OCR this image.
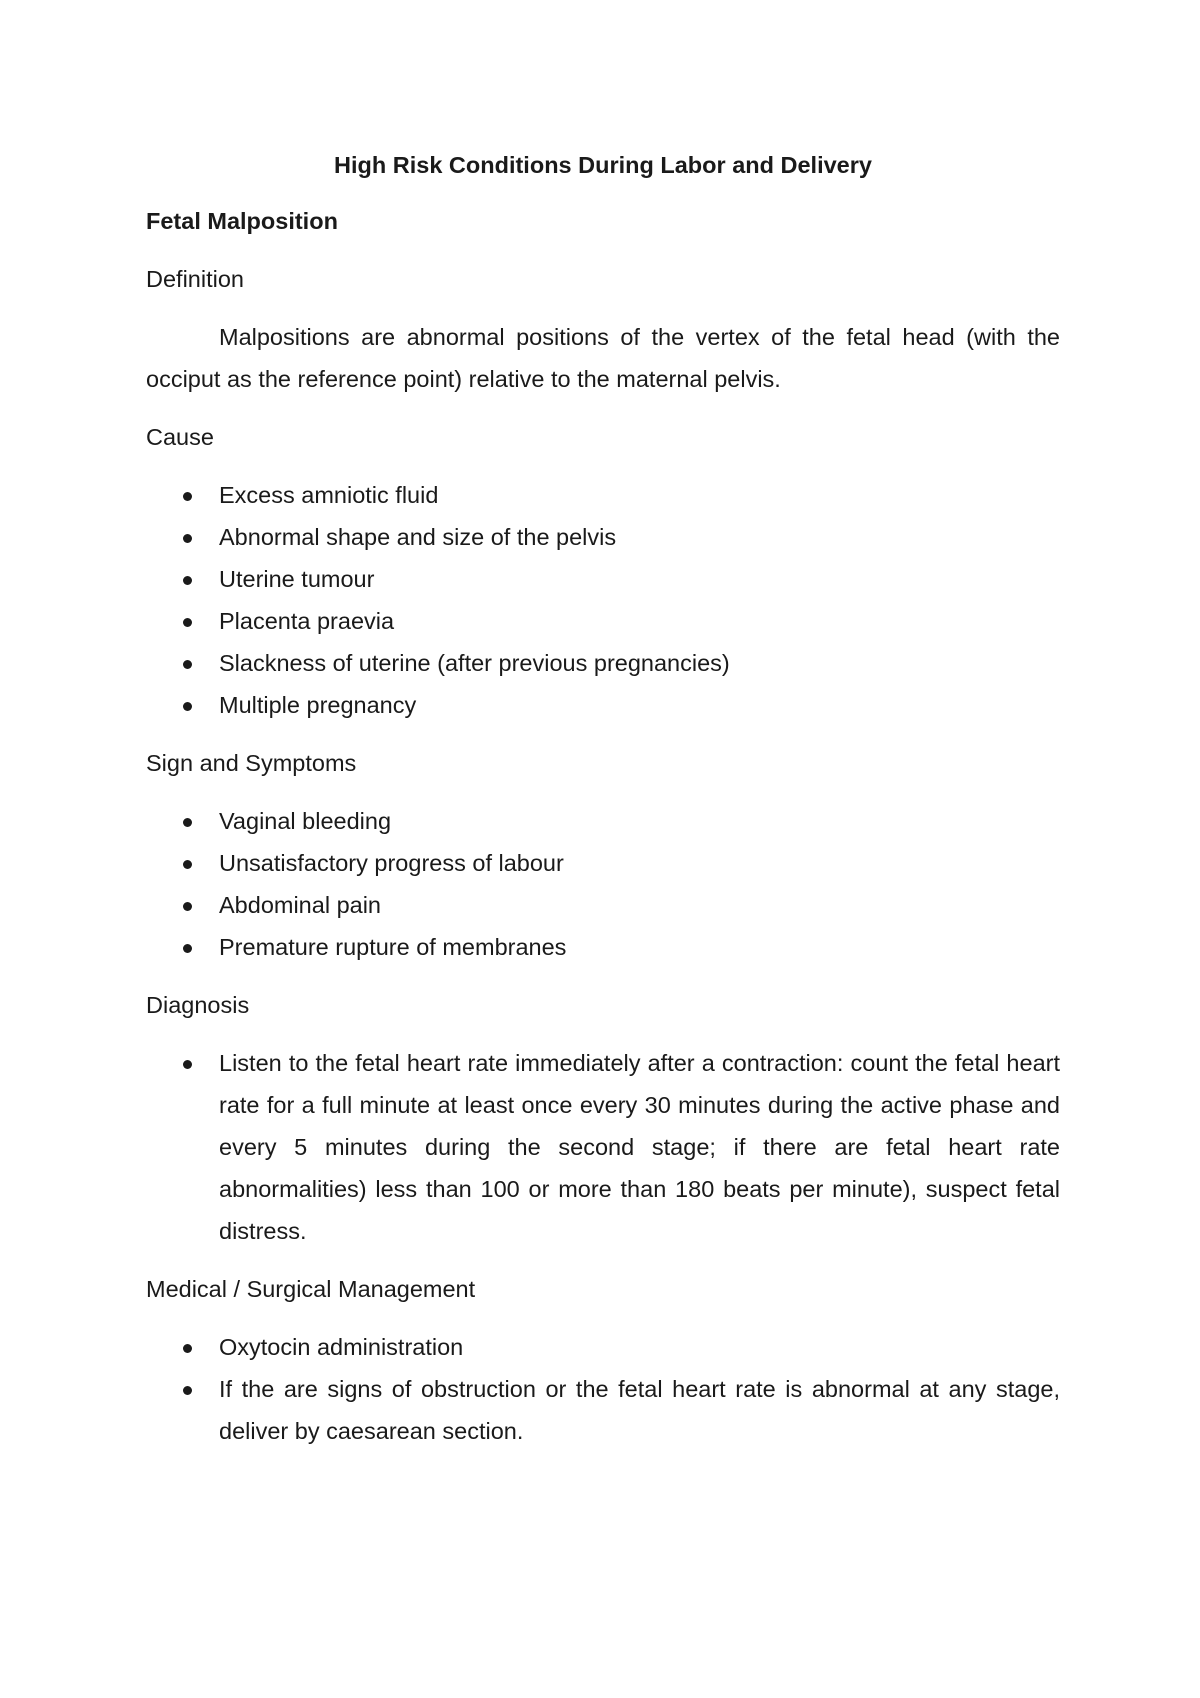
High Risk Conditions During Labor and Delivery
Fetal Malposition
Definition
Malpositions are abnormal positions of the vertex of the fetal head (with the occiput as the reference point) relative to the maternal pelvis.
Cause
Excess amniotic fluid
Abnormal shape and size of the pelvis
Uterine tumour
Placenta praevia
Slackness of uterine (after previous pregnancies)
Multiple pregnancy
Sign and Symptoms
Vaginal bleeding
Unsatisfactory progress of labour
Abdominal pain
Premature rupture of membranes
Diagnosis
Listen to the fetal heart rate immediately after a contraction: count the fetal heart rate for a full minute at least once every 30 minutes during the active phase and every 5 minutes during the second stage; if there are fetal heart rate abnormalities) less than 100 or more than 180 beats per minute), suspect fetal distress.
Medical / Surgical Management
Oxytocin administration
If the are signs of obstruction or the fetal heart rate is abnormal at any stage, deliver by caesarean section.
